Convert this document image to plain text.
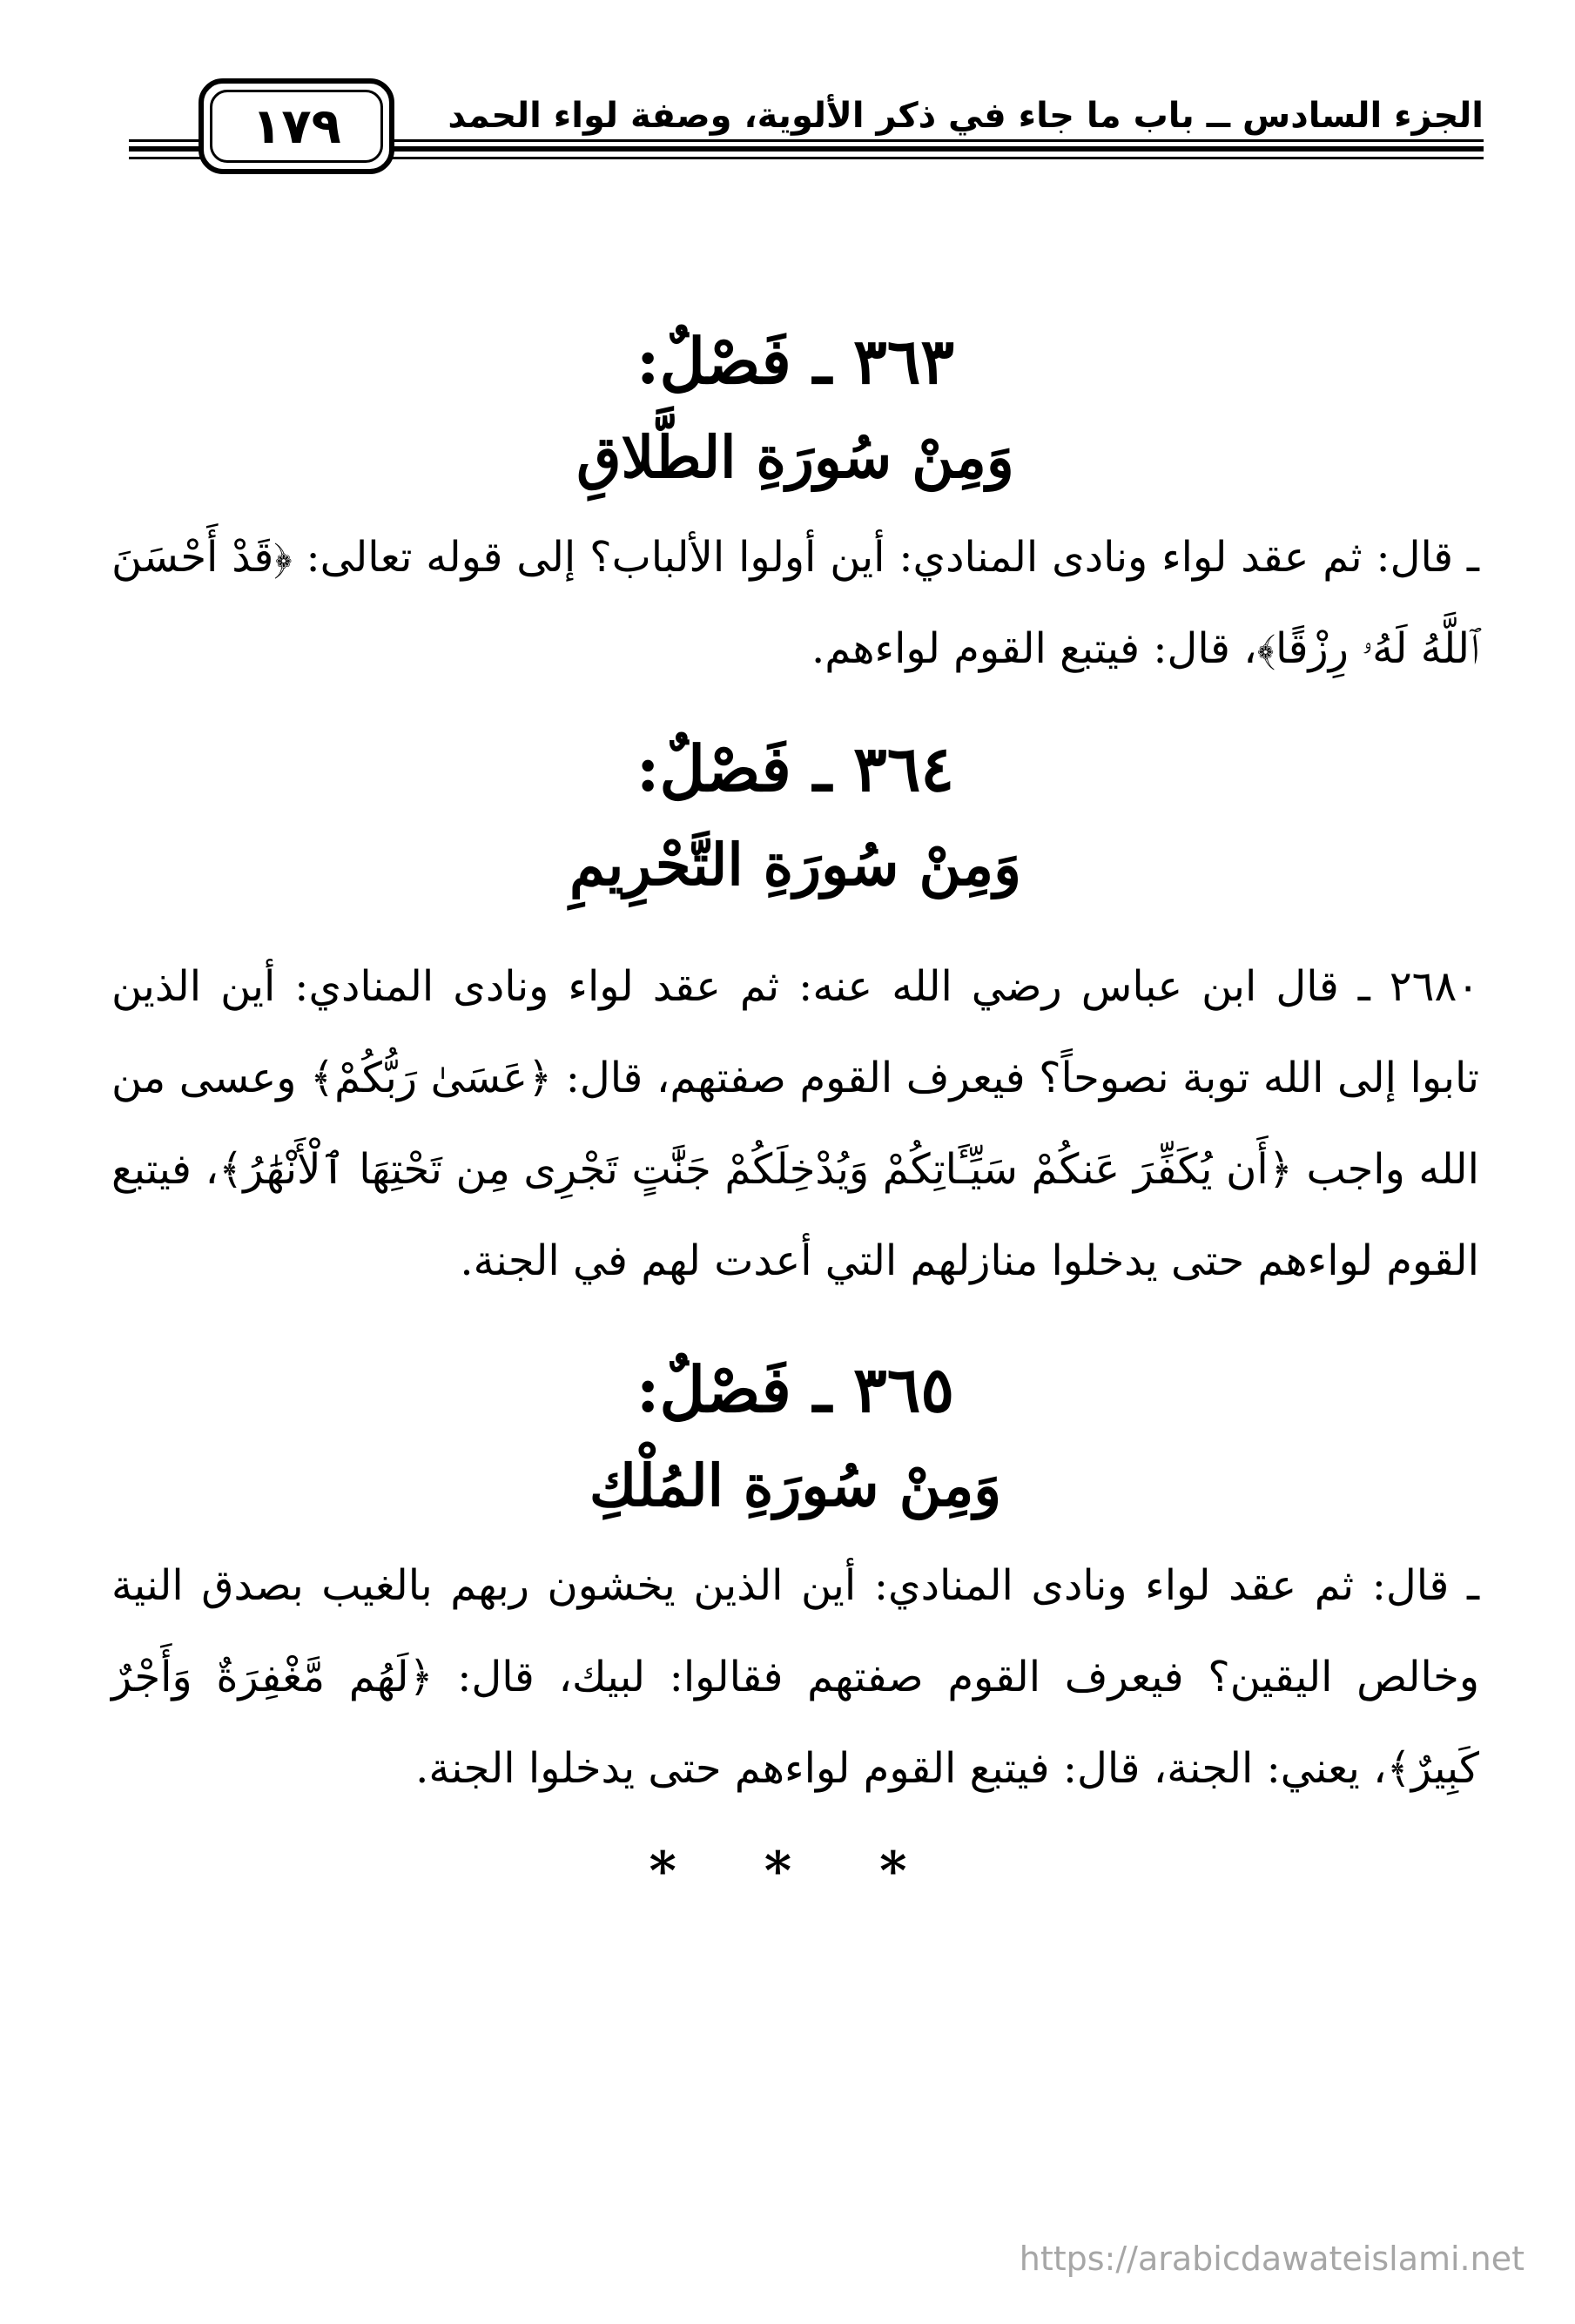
الجزء السادس ــ باب ما جاء في ذكر الألوية، وصفة لواء الحمد
١٧٩
٣٦٣ ـ فَصْلٌ:
وَمِنْ سُورَةِ الطَّلاقِ

ـ قال: ثم عقد لواء ونادى المنادي: أين أولوا الألباب؟ إلى قوله تعالى: ﴿قَدْ أَحْسَنَ ٱللَّهُ لَهُۥ رِزْقًا﴾، قال: فيتبع القوم لواءهم.

٣٦٤ ـ فَصْلٌ:
وَمِنْ سُورَةِ التَّحْرِيمِ

٢٦٨٠ ـ قال ابن عباس رضي الله عنه: ثم عقد لواء ونادى المنادي: أين الذين تابوا إلى الله توبة نصوحاً؟ فيعرف القوم صفتهم، قال: ﴿عَسَىٰ رَبُّكُمْ﴾ وعسى من الله واجب ﴿أَن يُكَفِّرَ عَنكُمْ سَيِّـَٔاتِكُمْ وَيُدْخِلَكُمْ جَنَّٰتٍ تَجْرِى مِن تَحْتِهَا ٱلْأَنْهَٰرُ﴾، فيتبع القوم لواءهم حتى يدخلوا منازلهم التي أعدت لهم في الجنة.

٣٦٥ ـ فَصْلٌ:
وَمِنْ سُورَةِ المُلْكِ

ـ قال: ثم عقد لواء ونادى المنادي: أين الذين يخشون ربهم بالغيب بصدق النية وخالص اليقين؟ فيعرف القوم صفتهم فقالوا: لبيك، قال: ﴿لَهُم مَّغْفِرَةٌ وَأَجْرٌ كَبِيرٌ﴾، يعني: الجنة، قال: فيتبع القوم لواءهم حتى يدخلوا الجنة.

* * *
https://arabicdawateislami.net
